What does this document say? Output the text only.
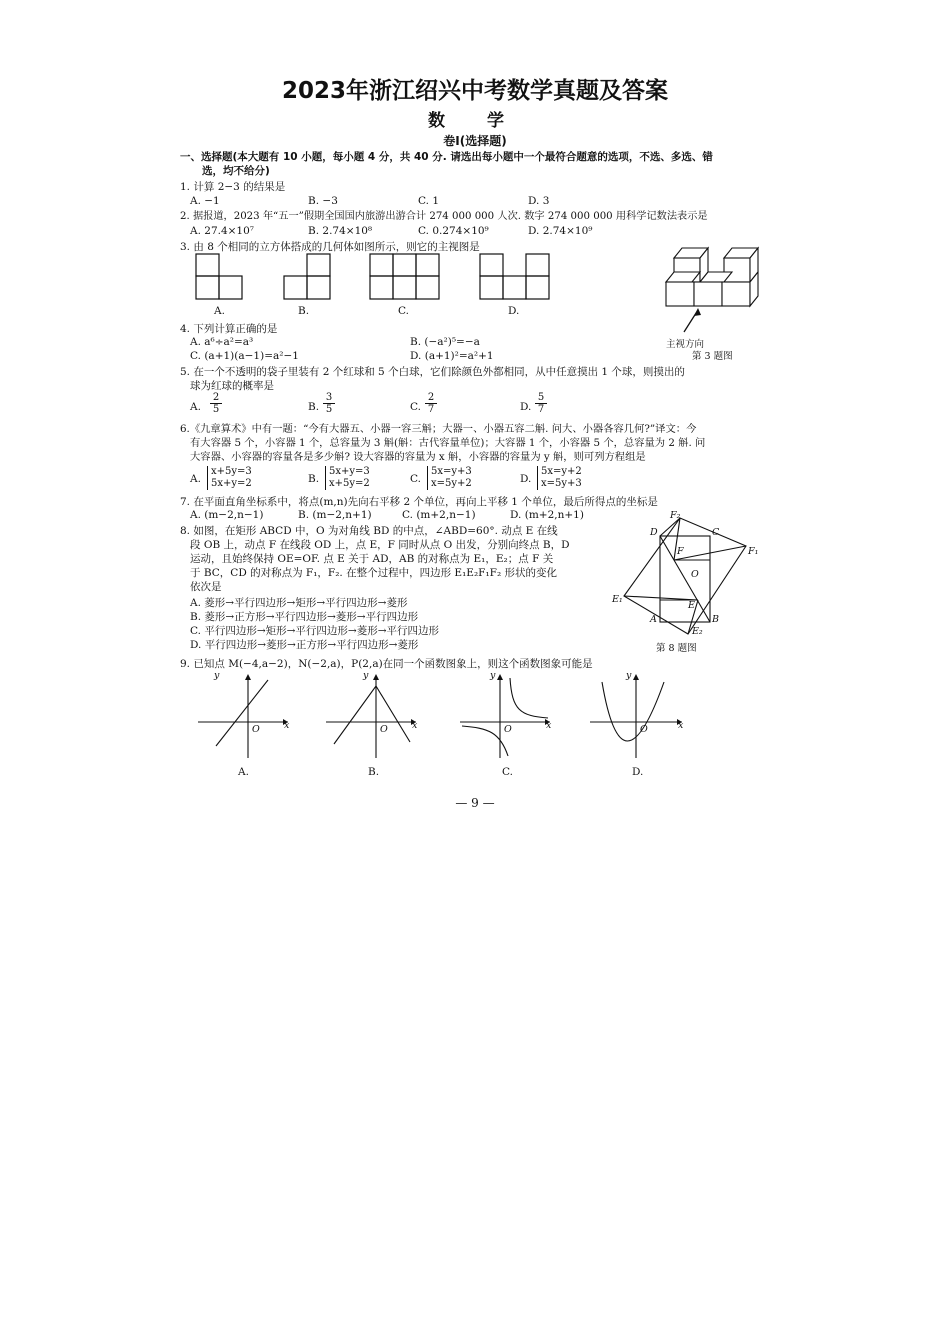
2023年浙江绍兴中考数学真题及答案
数 学
卷Ⅰ(选择题)
一、选择题(本大题有 10 小题，每小题 4 分，共 40 分. 请选出每小题中一个最符合题意的选项，不选、多选、错
选，均不给分)
1. 计算 2−3 的结果是
A. −1	B. −3	C. 1	D. 3
2. 据报道，2023 年“五一”假期全国国内旅游出游合计 274 000 000 人次. 数字 274 000 000 用科学记数法表示是
A. 27.4×10⁷	B. 2.74×10⁸	C. 0.274×10⁹	D. 2.74×10⁹
3. 由 8 个相同的立方体搭成的几何体如图所示，则它的主视图是
A.	B.	C.	D.
主视方向
第 3 题图
4. 下列计算正确的是
A. a⁶÷a²=a³	B. (−a²)⁵=−a
C. (a+1)(a−1)=a²−1	D. (a+1)²=a²+1
5. 在一个不透明的袋子里装有 2 个红球和 5 个白球，它们除颜色外都相同，从中任意摸出 1 个球，则摸出的
球为红球的概率是
A. $\frac{2}{5}$	B. $\frac{3}{5}$	C. $\frac{2}{7}$	D. $\frac{5}{7}$
6.《九章算术》中有一题：“今有大器五、小器一容三斛；大器一、小器五容二斛. 问大、小器各容几何?”译文：今
有大容器 5 个，小容器 1 个，总容量为 3 斛(斛：古代容量单位)；大容器 1 个，小容器 5 个，总容量为 2 斛. 问
大容器、小容器的容量各是多少斛? 设大容器的容量为 x 斛，小容器的容量为 y 斛，则可列方程组是
A.
x+5y=3
5x+y=2	B.
5x+y=3
x+5y=2	C.
5x=y+3
x=5y+2	D.
5x=y+2
x=5y+3
7. 在平面直角坐标系中，将点(m,n)先向右平移 2 个单位，再向上平移 1 个单位，最后所得点的坐标是
A. (m−2,n−1)	B. (m−2,n+1)	C. (m+2,n−1)	D. (m+2,n+1)
8. 如图，在矩形 ABCD 中，O 为对角线 BD 的中点，∠ABD=60°. 动点 E 在线
段 OB 上，动点 F 在线段 OD 上，点 E，F 同时从点 O 出发，分别向终点 B，D
运动，且始终保持 OE=OF. 点 E 关于 AD，AB 的对称点为 E₁，E₂；点 F 关
于 BC，CD 的对称点为 F₁，F₂. 在整个过程中，四边形 E₁E₂F₁F₂ 形状的变化
依次是
A. 菱形→平行四边形→矩形→平行四边形→菱形
B. 菱形→正方形→平行四边形→菱形→平行四边形
C. 平行四边形→矩形→平行四边形→菱形→平行四边形
D. 平行四边形→菱形→正方形→平行四边形→菱形
D	C
A	B
O
E
F
E₁
E₂
F₁
F₂
第 8 题图
9. 已知点 M(−4,a−2)，N(−2,a)，P(2,a)在同一个函数图象上，则这个函数图象可能是
y
x
O
A.
y
x
O
B.
y
x
O
C.
y
x
O
D.
— 9 —
